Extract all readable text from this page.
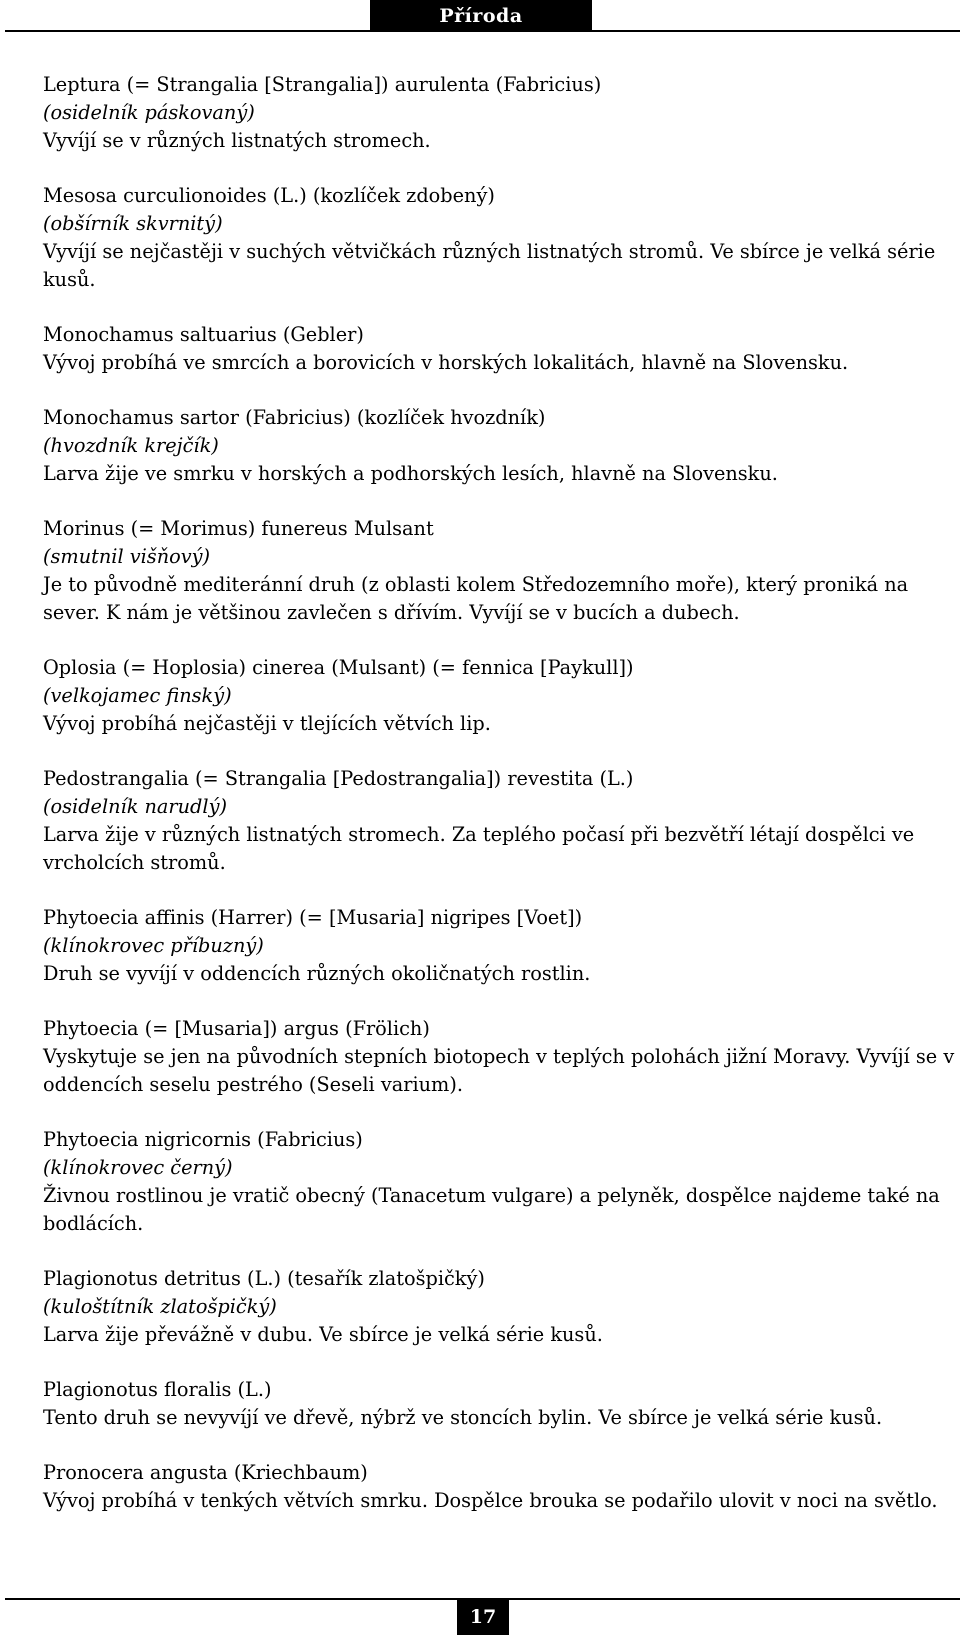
Příroda

Leptura (= Strangalia [Strangalia]) aurulenta (Fabricius)

(osidelník páskovaný)

Vyvíjí se v různých listnatých stromech.

Mesosa curculionoides (L.) (kozlíček zdobený)

(obšírník skvrnitý)

Vyvíjí se nejčastěji v suchých větvičkách různých listnatých stromů. Ve sbírce je velká série kusů.

Monochamus saltuarius (Gebler)

Vývoj probíhá ve smrcích a borovicích v horských lokalitách, hlavně na Slovensku.

Monochamus sartor (Fabricius) (kozlíček hvozdník)

(hvozdník krejčík)

Larva žije ve smrku v horských a podhorských lesích, hlavně na Slovensku.

Morinus (= Morimus) funereus Mulsant

(smutnil višňový)

Je to původně mediteránní druh (z oblasti kolem Středozemního moře), který proniká na sever. K nám je většinou zavlečen s dřívím. Vyvíjí se v bucích a dubech.

Oplosia (= Hoplosia) cinerea (Mulsant) (= fennica [Paykull])

(velkojamec finský)

Vývoj probíhá nejčastěji v tlejících větvích lip.

Pedostrangalia (= Strangalia [Pedostrangalia]) revestita (L.)

(osidelník narudlý)

Larva žije v různých listnatých stromech. Za teplého počasí při bezvětří létají dospělci ve vrcholcích stromů.

Phytoecia affinis (Harrer) (= [Musaria] nigripes [Voet])

(klínokrovec příbuzný)

Druh se vyvíjí v oddencích různých okoličnatých rostlin.

Phytoecia (= [Musaria]) argus (Frölich)

Vyskytuje se jen na původních stepních biotopech v teplých polohách jižní Moravy. Vyvíjí se v oddencích seselu pestrého (Seseli varium).

Phytoecia nigricornis (Fabricius)

(klínokrovec černý)

Živnou rostlinou je vratič obecný (Tanacetum vulgare) a pelyněk, dospělce najdeme také na bodlácích.

Plagionotus detritus (L.) (tesařík zlatošpičký)

(kuloštítník zlatošpičký)

Larva žije převážně v dubu. Ve sbírce je velká série kusů.

Plagionotus floralis (L.)

Tento druh se nevyvíjí ve dřevě, nýbrž ve stoncích bylin. Ve sbírce je velká série kusů.

Pronocera angusta (Kriechbaum)

Vývoj probíhá v tenkých větvích smrku. Dospělce brouka se podařilo ulovit v noci na světlo.

17
